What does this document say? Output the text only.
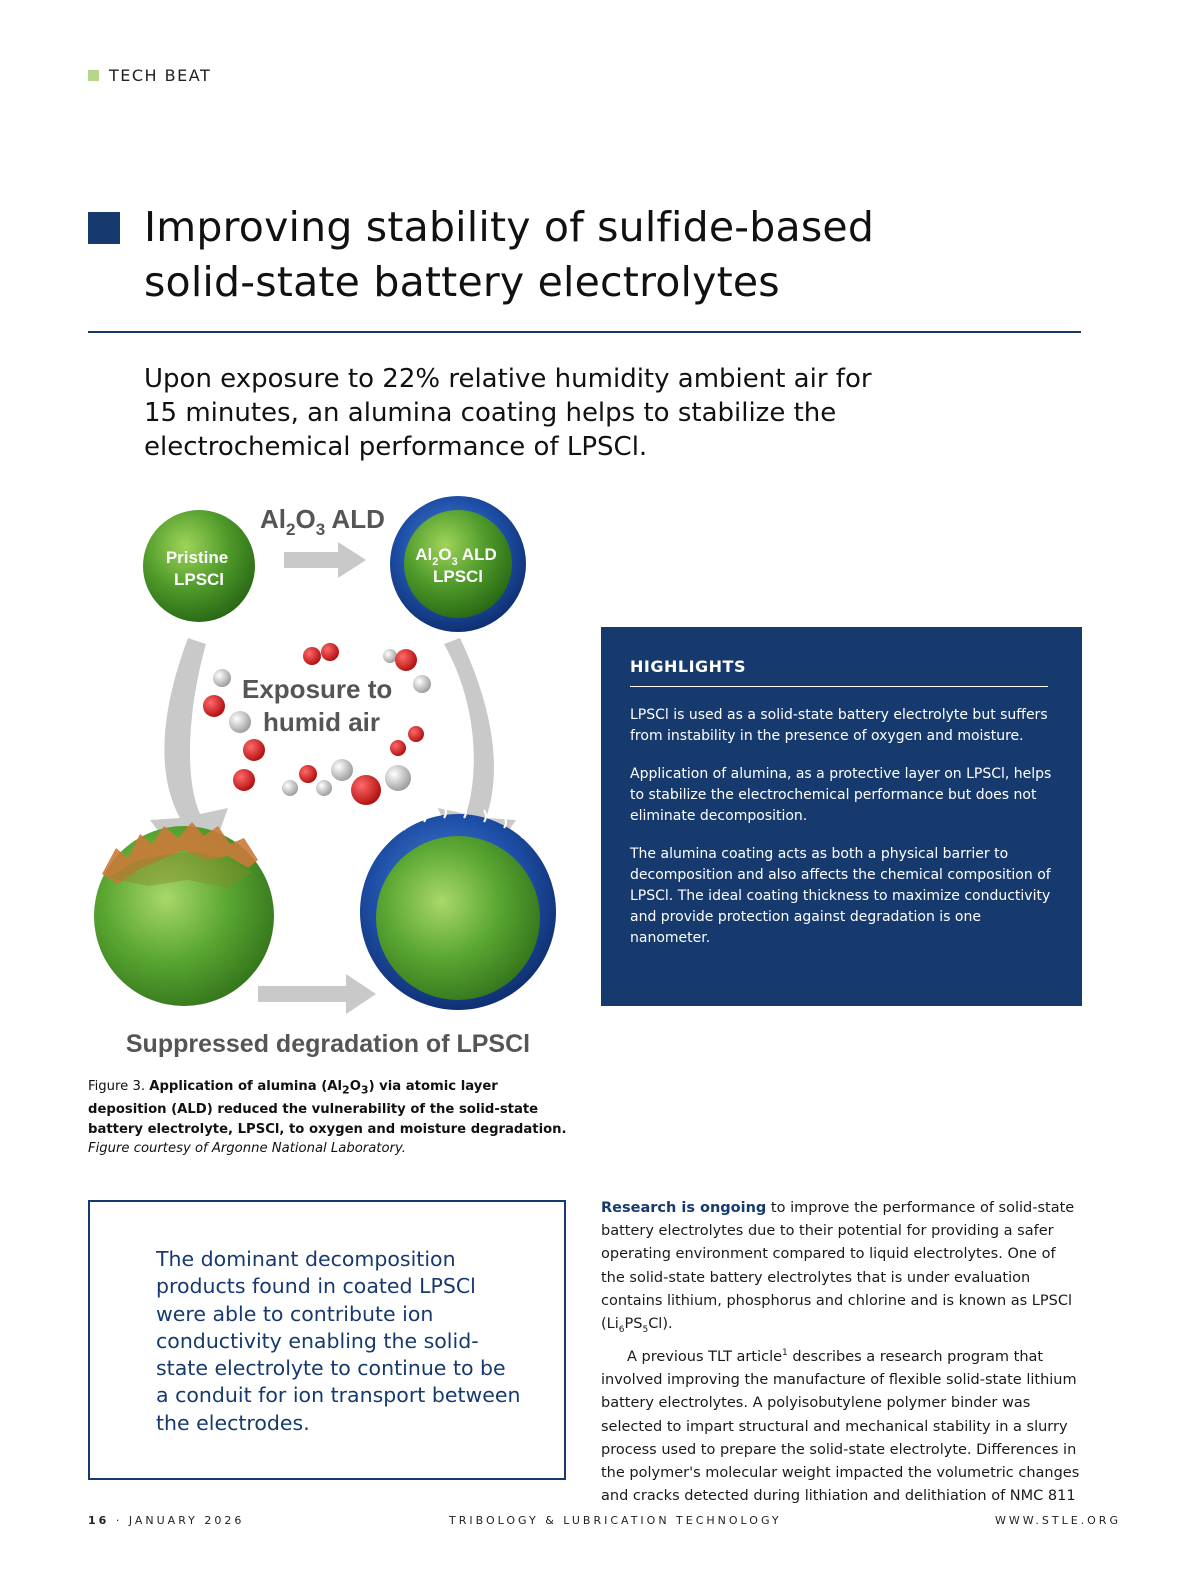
TECH BEAT
Improving stability of sulfide-based
solid-state battery electrolytes

Upon exposure to 22% relative humidity ambient air for 15 minutes, an alumina coating helps to stabilize the electrochemical performance of LPSCl.

$Al_2O_3$ ALD
Pristine
LPSCl
$Al_2O_3$ ALD
LPSCl
Exposure to
humid air
Suppressed degradation of LPSCl

Figure 3. Application of alumina $(Al_2O_3)$ via atomic layer deposition (ALD) reduced the vulnerability of the solid-state battery electrolyte, LPSCl, to oxygen and moisture degradation. Figure courtesy of Argonne National Laboratory.

HIGHLIGHTS

LPSCl is used as a solid-state battery electrolyte but suffers from instability in the presence of oxygen and moisture.

Application of alumina, as a protective layer on LPSCl, helps to stabilize the electrochemical performance but does not eliminate decomposition.

The alumina coating acts as both a physical barrier to decomposition and also affects the chemical composition of LPSCl. The ideal coating thickness to maximize conductivity and provide protection against degradation is one nanometer.

The dominant decomposition products found in coated LPSCl were able to contribute ion conductivity enabling the solid-state electrolyte to continue to be a conduit for ion transport between the electrodes.

Research is ongoing to improve the performance of solid-state battery electrolytes due to their potential for providing a safer operating environment compared to liquid electrolytes. One of the solid-state battery electrolytes that is under evaluation contains lithium, phosphorus and chlorine and is known as LPSCl $(Li_6PS_5Cl)$.

A previous TLT article$^1$ describes a research program that involved improving the manufacture of flexible solid-state lithium battery electrolytes. A polyisobutylene polymer binder was selected to impart structural and mechanical stability in a slurry process used to prepare the solid-state electrolyte. Differences in the polymer's molecular weight impacted the volumetric changes and cracks detected during lithiation and delithiation of NMC 811

16 · JANUARY 2026	TRIBOLOGY & LUBRICATION TECHNOLOGY	WWW.STLE.ORG
